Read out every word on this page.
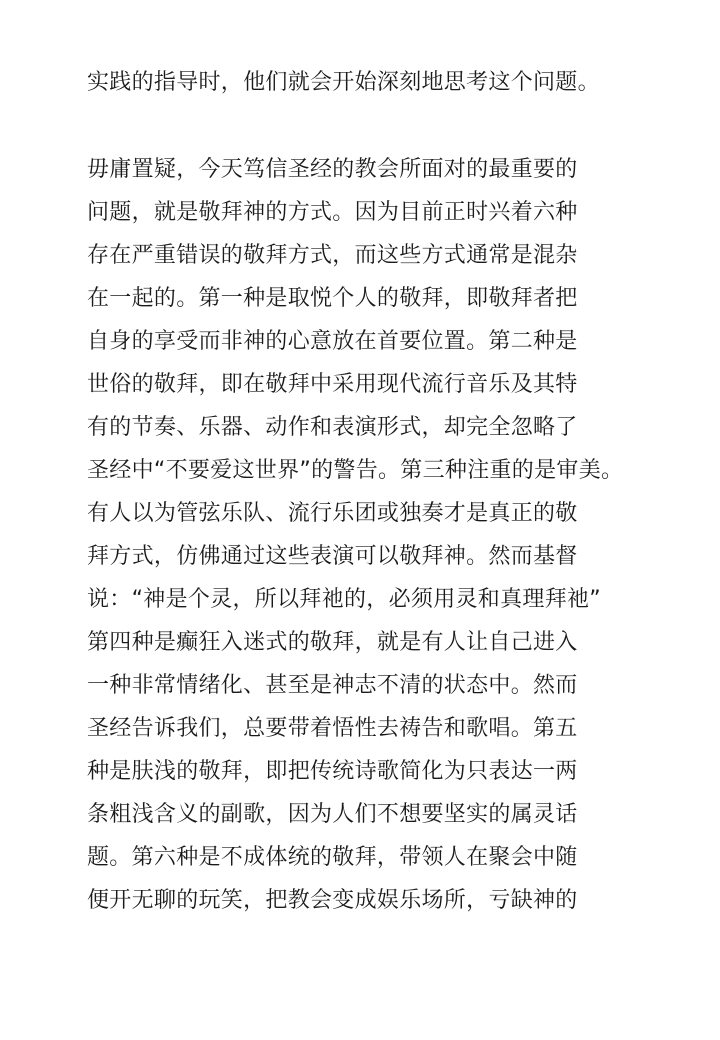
实践的指导时，他们就会开始深刻地思考这个问题。
毋庸置疑，今天笃信圣经的教会所面对的最重要的
问题，就是敬拜神的方式。因为目前正时兴着六种
存在严重错误的敬拜方式，而这些方式通常是混杂
在一起的。第一种是取悦个人的敬拜，即敬拜者把
自身的享受而非神的心意放在首要位置。第二种是
世俗的敬拜，即在敬拜中采用现代流行音乐及其特
有的节奏、乐器、动作和表演形式，却完全忽略了
圣经中“不要爱这世界”的警告。第三种注重的是审美。
有人以为管弦乐队、流行乐团或独奏才是真正的敬
拜方式，仿佛通过这些表演可以敬拜神。然而基督
说：“神是个灵，所以拜祂的，必须用灵和真理拜祂”
第四种是癫狂入迷式的敬拜，就是有人让自己进入
一种非常情绪化、甚至是神志不清的状态中。然而
圣经告诉我们，总要带着悟性去祷告和歌唱。第五
种是肤浅的敬拜，即把传统诗歌简化为只表达一两
条粗浅含义的副歌，因为人们不想要坚实的属灵话
题。第六种是不成体统的敬拜，带领人在聚会中随
便开无聊的玩笑，把教会变成娱乐场所，亏缺神的
